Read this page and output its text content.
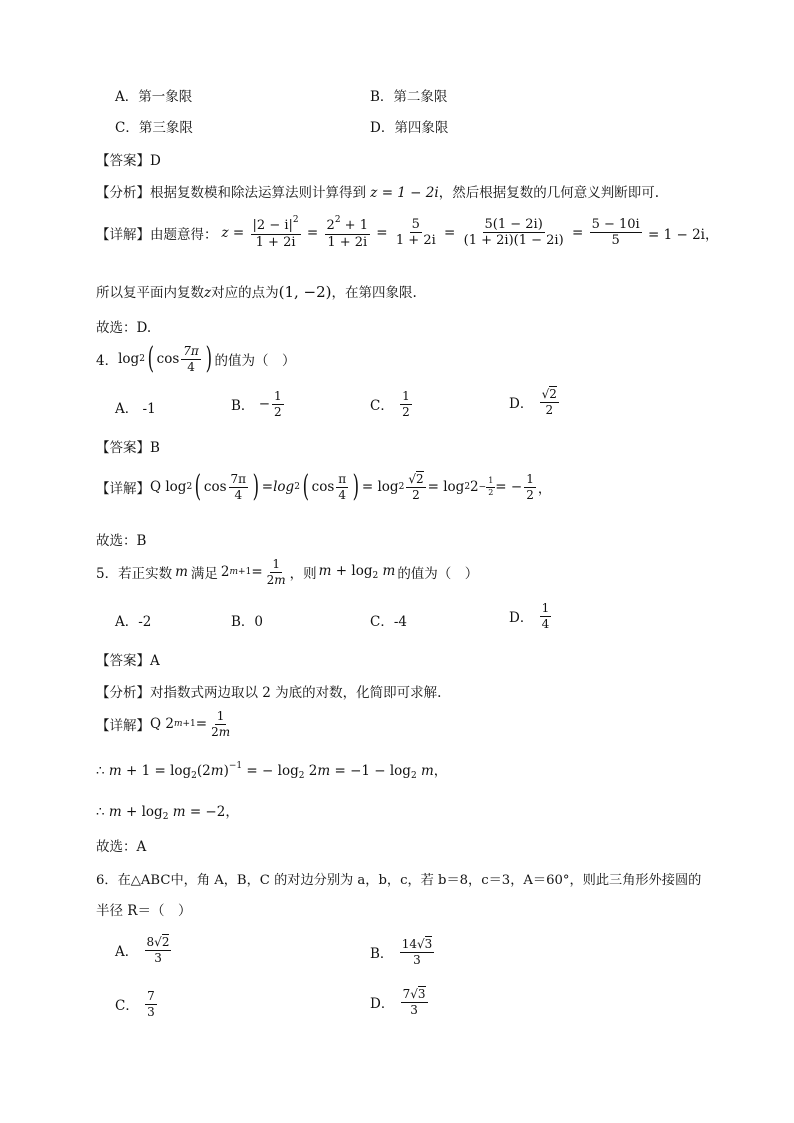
A．第一象限	B．第二象限
C．第三象限	D．第四象限
【答案】D
【分析】根据复数模和除法运算法则计算得到 z = 1 − 2i，然后根据复数的几何意义判断即可.
【详解】 由题意得： $z = \frac{|2 - i|^2}{1 + 2i} = \frac{2^2 + 1}{1 + 2i} = \frac{5}{1 + 2i} = \frac{5(1 - 2i)}{(1 + 2i)(1 - 2i)} = \frac{5 - 10i}{5} = 1 - 2i$，
所以复平面内复数z对应的点为(1, −2)，在第四象限.
故选：D.
4． log 2 ( $\cos \frac{7\pi}{4}$ ) 的值为（　）
A． -1	B． − $\frac{1}{2}$	C．
$\frac{1}{2}$	D．
$\frac{√2}{2}$
【答案】B
【详解】 Q log 2 ( $\cos \frac{7\pi}{4}$ ) = log 2 ( $\cos \frac{\pi}{4}$ ) = $\log 2 \frac{√2}{2} = \log 2$ $2 - \frac{1}{2}$ = − $\frac{1}{2}$ ，
故选：B
5． 若正实数 m 满足 2 $m+1 = \frac{1}{2m}$ ，则 $m + \log_2 m$ 的值为（　）
A．-2	B．0	C．-4	D．
$\frac{1}{4}$
【答案】A
【分析】对指数式两边取以 2 为底的对数，化简即可求解.
【详解】 Q 2 $m+1 = \frac{1}{2m}$
∴ $m + 1 = \log_2(2m)^{-1}$ = − $\log_2 2m = -1 - \log_2 m$，
∴ $m + \log_2 m = -2$，
故选：A
6．在△ABC中，角 A，B，C 的对边分别为 a，b，c，若 b＝8，c＝3，A＝60°，则此三角形外接圆的
半径 R＝（　）
A．
$\frac{8√2}{3}$	B．
$\frac{14√3}{3}$
C．
$\frac{7}{3}$	D．
$\frac{7√3}{3}$
